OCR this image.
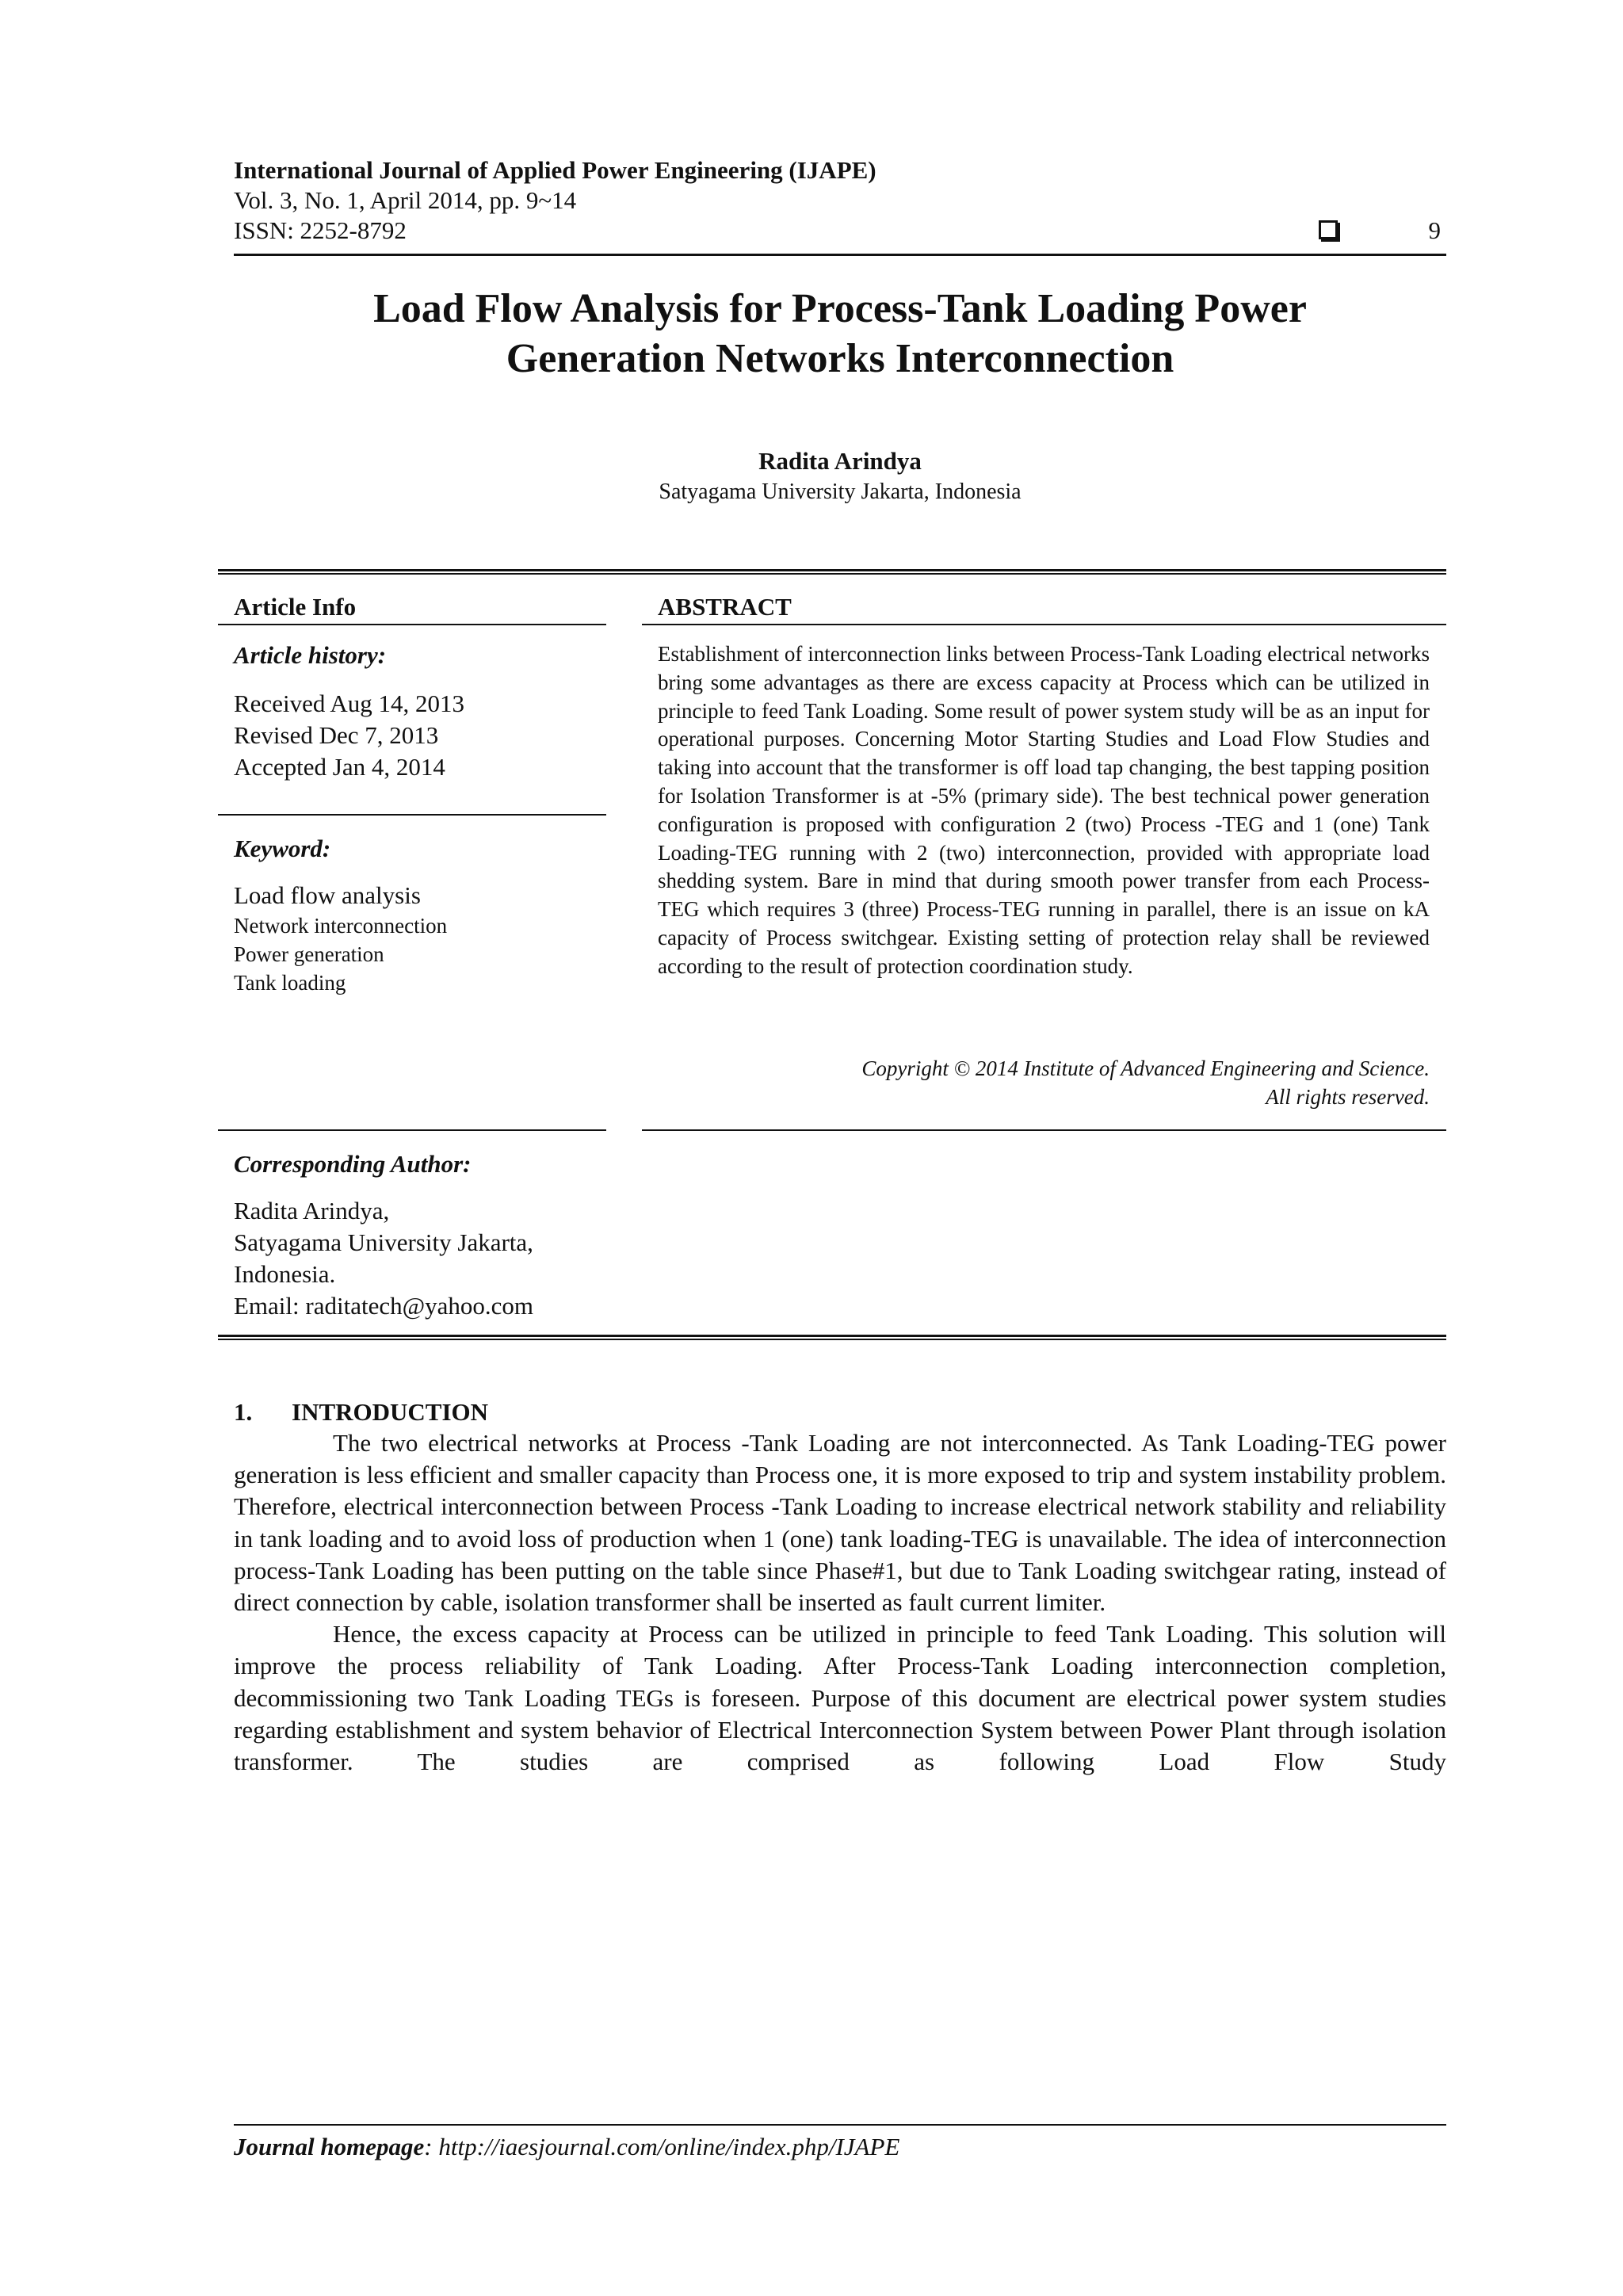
International Journal of Applied Power Engineering (IJAPE)
Vol. 3, No. 1, April 2014, pp. 9~14
ISSN: 2252-8792	9
Load Flow Analysis for Process-Tank Loading Power
Generation Networks Interconnection
Radita Arindya
Satyagama University Jakarta, Indonesia
Article Info
Article history:
Received Aug 14, 2013
Revised Dec 7, 2013
Accepted Jan 4, 2014
Keyword:
Load flow analysis
Network interconnection
Power generation
Tank loading
ABSTRACT
Establishment of interconnection links between Process-Tank Loading electrical networks bring some advantages as there are excess capacity at Process which can be utilized in principle to feed Tank Loading. Some result of power system study will be as an input for operational purposes. Concerning Motor Starting Studies and Load Flow Studies and taking into account that the transformer is off load tap changing, the best tapping position for Isolation Transformer is at -5% (primary side). The best technical power generation configuration is proposed with configuration 2 (two) Process -TEG and 1 (one) Tank Loading-TEG running with 2 (two) interconnection, provided with appropriate load shedding system. Bare in mind that during smooth power transfer from each Process-TEG which requires 3 (three) Process-TEG running in parallel, there is an issue on kA capacity of Process switchgear. Existing setting of protection relay shall be reviewed according to the result of protection coordination study.
Copyright © 2014 Institute of Advanced Engineering and Science.
All rights reserved.
Corresponding Author:
Radita Arindya,
Satyagama University Jakarta,
Indonesia.
Email: raditatech@yahoo.com
1. INTRODUCTION

The two electrical networks at Process -Tank Loading are not interconnected. As Tank Loading-TEG power generation is less efficient and smaller capacity than Process one, it is more exposed to trip and system instability problem. Therefore, electrical interconnection between Process -Tank Loading to increase electrical network stability and reliability in tank loading and to avoid loss of production when 1 (one) tank loading-TEG is unavailable. The idea of interconnection process-Tank Loading has been putting on the table since Phase#1, but due to Tank Loading switchgear rating, instead of direct connection by cable, isolation transformer shall be inserted as fault current limiter.

Hence, the excess capacity at Process can be utilized in principle to feed Tank Loading. This solution will improve the process reliability of Tank Loading. After Process-Tank Loading interconnection completion, decommissioning two Tank Loading TEGs is foreseen. Purpose of this document are electrical power system studies regarding establishment and system behavior of Electrical Interconnection System between Power Plant through isolation transformer. The studies are comprised as following Load Flow Study

Journal homepage: http://iaesjournal.com/online/index.php/IJAPE
